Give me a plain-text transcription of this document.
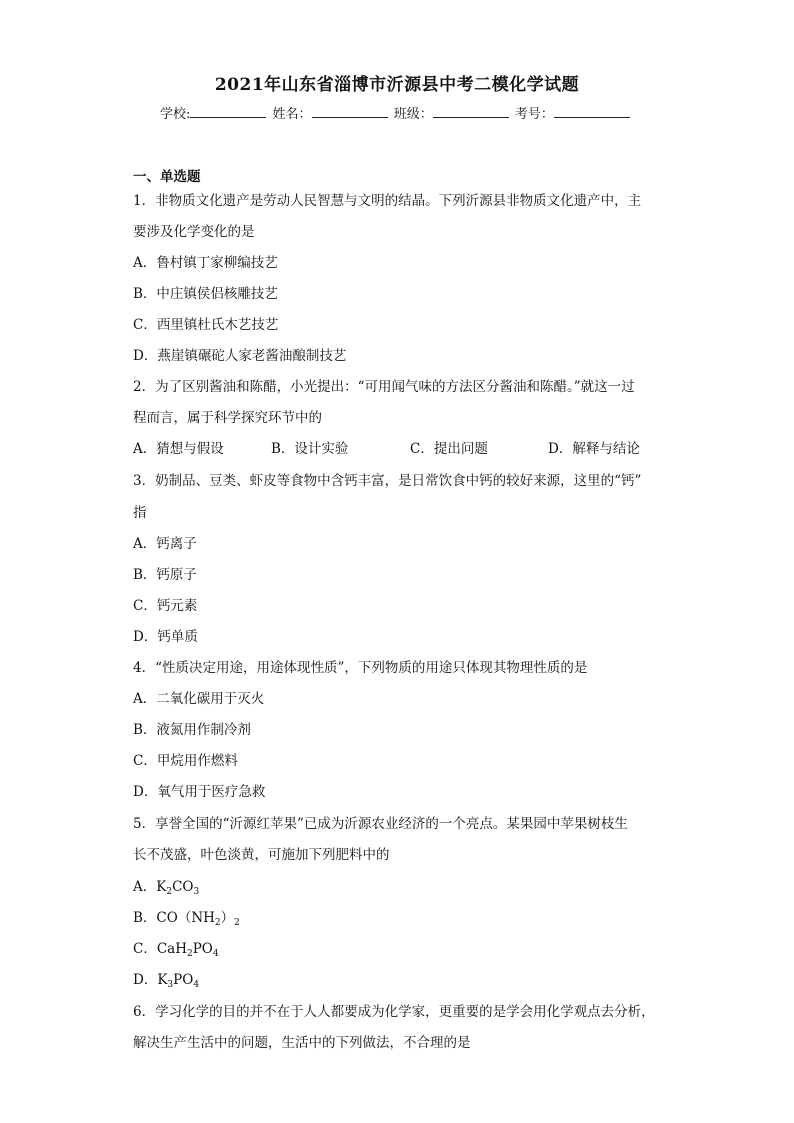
2021年山东省淄博市沂源县中考二模化学试题
学校:	姓名：	班级：	考号：
一、单选题
1．非物质文化遗产是劳动人民智慧与文明的结晶。下列沂源县非物质文化遗产中，主
要涉及化学变化的是
A．鲁村镇丁家柳编技艺
B．中庄镇侯侣核雕技艺
C．西里镇杜氏木艺技艺
D．燕崖镇碾砣人家老酱油酿制技艺
2．为了区别酱油和陈醋，小光提出：“可用闻气味的方法区分酱油和陈醋。”就这一过
程而言，属于科学探究环节中的
A．猜想与假设	B．设计实验	C．提出问题	D．解释与结论
3．奶制品、豆类、虾皮等食物中含钙丰富，是日常饮食中钙的较好来源，这里的“钙”
指
A．钙离子
B．钙原子
C．钙元素
D．钙单质
4．“性质决定用途，用途体现性质”，下列物质的用途只体现其物理性质的是
A．二氧化碳用于灭火
B．液氮用作制冷剂
C．甲烷用作燃料
D．氧气用于医疗急救
5．享誉全国的“沂源红苹果”已成为沂源农业经济的一个亮点。某果园中苹果树枝生
长不茂盛，叶色淡黄，可施加下列肥料中的
A．$K_2CO_3$
B．$CO(NH_2)_2$
C．$CaH_2PO_4$
D．$K_3PO_4$
6．学习化学的目的并不在于人人都要成为化学家，更重要的是学会用化学观点去分析，
解决生产生活中的问题，生活中的下列做法，不合理的是
